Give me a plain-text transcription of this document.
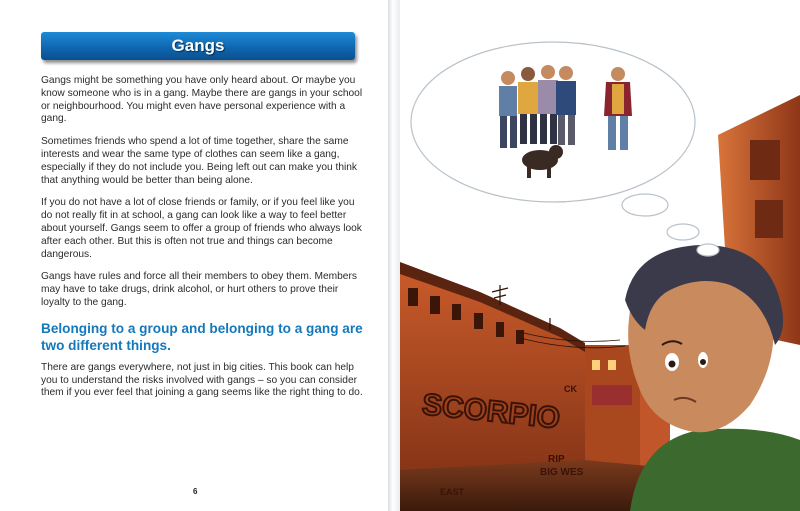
Gangs

Gangs might be something you have only heard about. Or maybe you know someone who is in a gang. Maybe there are gangs in your school or neighbourhood. You might even have personal experience with a gang.

Sometimes friends who spend a lot of time together, share the same interests and wear the same type of clothes can seem like a gang, especially if they do not include you. Being left out can make you think that anything would be better than being alone.

If you do not have a lot of close friends or family, or if you feel like you do not really fit in at school, a gang can look like a way to feel better about yourself. Gangs seem to offer a group of friends who always look after each other. But this is often not true and things can become dangerous.

Gangs have rules and force all their members to obey them. Members may have to take drugs, drink alcohol, or hurt others to prove their loyalty to the gang.

Belonging to a group and belonging to a gang are two different things.

There are gangs everywhere, not just in big cities. This book can help you to understand the risks involved with gangs – so you can consider them if you ever feel that joining a gang seems like the right thing to do.

6
SCORPIO
RIP
BIG WES
CK
EAST
